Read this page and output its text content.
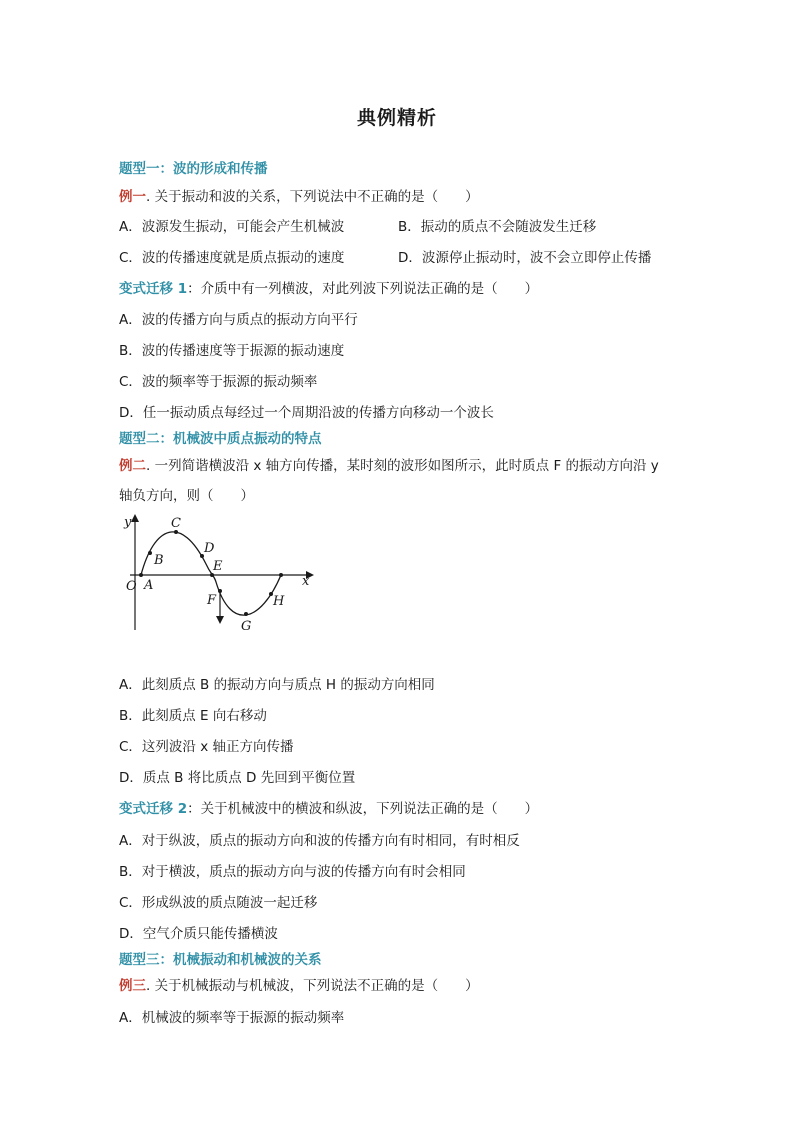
典例精析
题型一：波的形成和传播
例一. 关于振动和波的关系，下列说法中不正确的是（　　）
A．波源发生振动，可能会产生机械波	B．振动的质点不会随波发生迁移
C．波的传播速度就是质点振动的速度	D．波源停止振动时，波不会立即停止传播
变式迁移 1：介质中有一列横波，对此列波下列说法正确的是（　　）
A．波的传播方向与质点的振动方向平行
B．波的传播速度等于振源的振动速度
C．波的频率等于振源的振动频率
D．任一振动质点每经过一个周期沿波的传播方向移动一个波长
题型二：机械波中质点振动的特点
例二. 一列简谐横波沿 x 轴方向传播，某时刻的波形如图所示，此时质点 F 的振动方向沿 y
轴负方向，则（　　）
y
x
O A
B
C
D
E
F
G
H
A．此刻质点 B 的振动方向与质点 H 的振动方向相同
B．此刻质点 E 向右移动
C．这列波沿 x 轴正方向传播
D．质点 B 将比质点 D 先回到平衡位置
变式迁移 2：关于机械波中的横波和纵波，下列说法正确的是（　　）
A．对于纵波，质点的振动方向和波的传播方向有时相同，有时相反
B．对于横波，质点的振动方向与波的传播方向有时会相同
C．形成纵波的质点随波一起迁移
D．空气介质只能传播横波
题型三：机械振动和机械波的关系
例三. 关于机械振动与机械波，下列说法不正确的是（　　）
A．机械波的频率等于振源的振动频率
